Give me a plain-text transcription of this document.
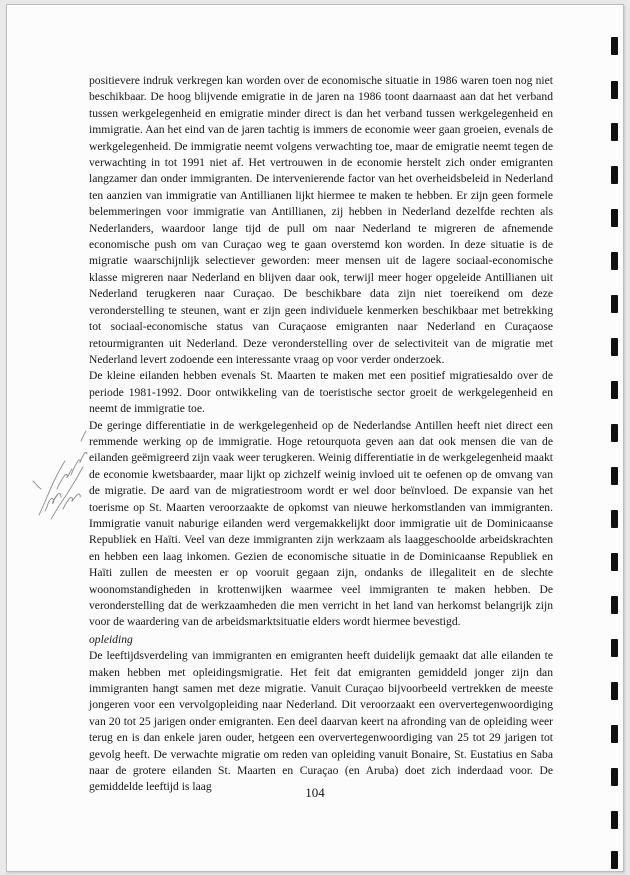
positievere indruk verkregen kan worden over de economische situatie in 1986 waren toen nog niet beschikbaar. De hoog blijvende emigratie in de jaren na 1986 toont daarnaast aan dat het verband tussen werkgelegenheid en emigratie minder direct is dan het verband tussen werkgelegenheid en immigratie. Aan het eind van de jaren tachtig is immers de economie weer gaan groeien, evenals de werkgelegenheid. De immigratie neemt volgens verwachting toe, maar de emigratie neemt tegen de verwachting in tot 1991 niet af. Het vertrouwen in de economie herstelt zich onder emigranten langzamer dan onder immigranten. De intervenierende factor van het overheidsbeleid in Nederland ten aanzien van immigratie van Antillianen lijkt hiermee te maken te hebben. Er zijn geen formele belemmeringen voor immigratie van Antillianen, zij hebben in Nederland dezelfde rechten als Nederlanders, waardoor lange tijd de pull om naar Nederland te migreren de afnemende economische push om van Curaçao weg te gaan overstemd kon worden. In deze situatie is de migratie waarschijnlijk selectiever geworden: meer mensen uit de lagere sociaal-economische klasse migreren naar Nederland en blijven daar ook, terwijl meer hoger opgeleide Antillianen uit Nederland terugkeren naar Curaçao. De beschikbare data zijn niet toereikend om deze veronderstelling te steunen, want er zijn geen individuele kenmerken beschikbaar met betrekking tot sociaal-economische status van Curaçaose emigranten naar Nederland en Curaçaose retourmigranten uit Nederland. Deze veronderstelling over de selectiviteit van de migratie met Nederland levert zodoende een interessante vraag op voor verder onderzoek.

De kleine eilanden hebben evenals St. Maarten te maken met een positief migratiesaldo over de periode 1981-1992. Door ontwikkeling van de toeristische sector groeit de werkgelegenheid en neemt de immigratie toe.

De geringe differentiatie in de werkgelegenheid op de Nederlandse Antillen heeft niet direct een remmende werking op de immigratie. Hoge retourquota geven aan dat ook mensen die van de eilanden geëmigreerd zijn vaak weer terugkeren. Weinig differentiatie in de werkgelegenheid maakt de economie kwetsbaarder, maar lijkt op zichzelf weinig invloed uit te oefenen op de omvang van de migratie. De aard van de migratiestroom wordt er wel door beïnvloed. De expansie van het toerisme op St. Maarten veroorzaakte de opkomst van nieuwe herkomstlanden van immigranten. Immigratie vanuit naburige eilanden werd vergemakkelijkt door immigratie uit de Dominicaanse Republiek en Haïti. Veel van deze immigranten zijn werkzaam als laaggeschoolde arbeidskrachten en hebben een laag inkomen. Gezien de economische situatie in de Dominicaanse Republiek en Haïti zullen de meesten er op vooruit gegaan zijn, ondanks de illegaliteit en de slechte woonomstandigheden in krottenwijken waarmee veel immigranten te maken hebben. De veronderstelling dat de werkzaamheden die men verricht in het land van herkomst belangrijk zijn voor de waardering van de arbeidsmarktsituatie elders wordt hiermee bevestigd.

opleiding

De leeftijdsverdeling van immigranten en emigranten heeft duidelijk gemaakt dat alle eilanden te maken hebben met opleidingsmigratie. Het feit dat emigranten gemiddeld jonger zijn dan immigranten hangt samen met deze migratie. Vanuit Curaçao bijvoorbeeld vertrekken de meeste jongeren voor een vervolgopleiding naar Nederland. Dit veroorzaakt een oververtegenwoordiging van 20 tot 25 jarigen onder emigranten. Een deel daarvan keert na afronding van de opleiding weer terug en is dan enkele jaren ouder, hetgeen een oververtegenwoordiging van 25 tot 29 jarigen tot gevolg heeft. De verwachte migratie om reden van opleiding vanuit Bonaire, St. Eustatius en Saba naar de grotere eilanden St. Maarten en Curaçao (en Aruba) doet zich inderdaad voor. De gemiddelde leeftijd is laag	104
